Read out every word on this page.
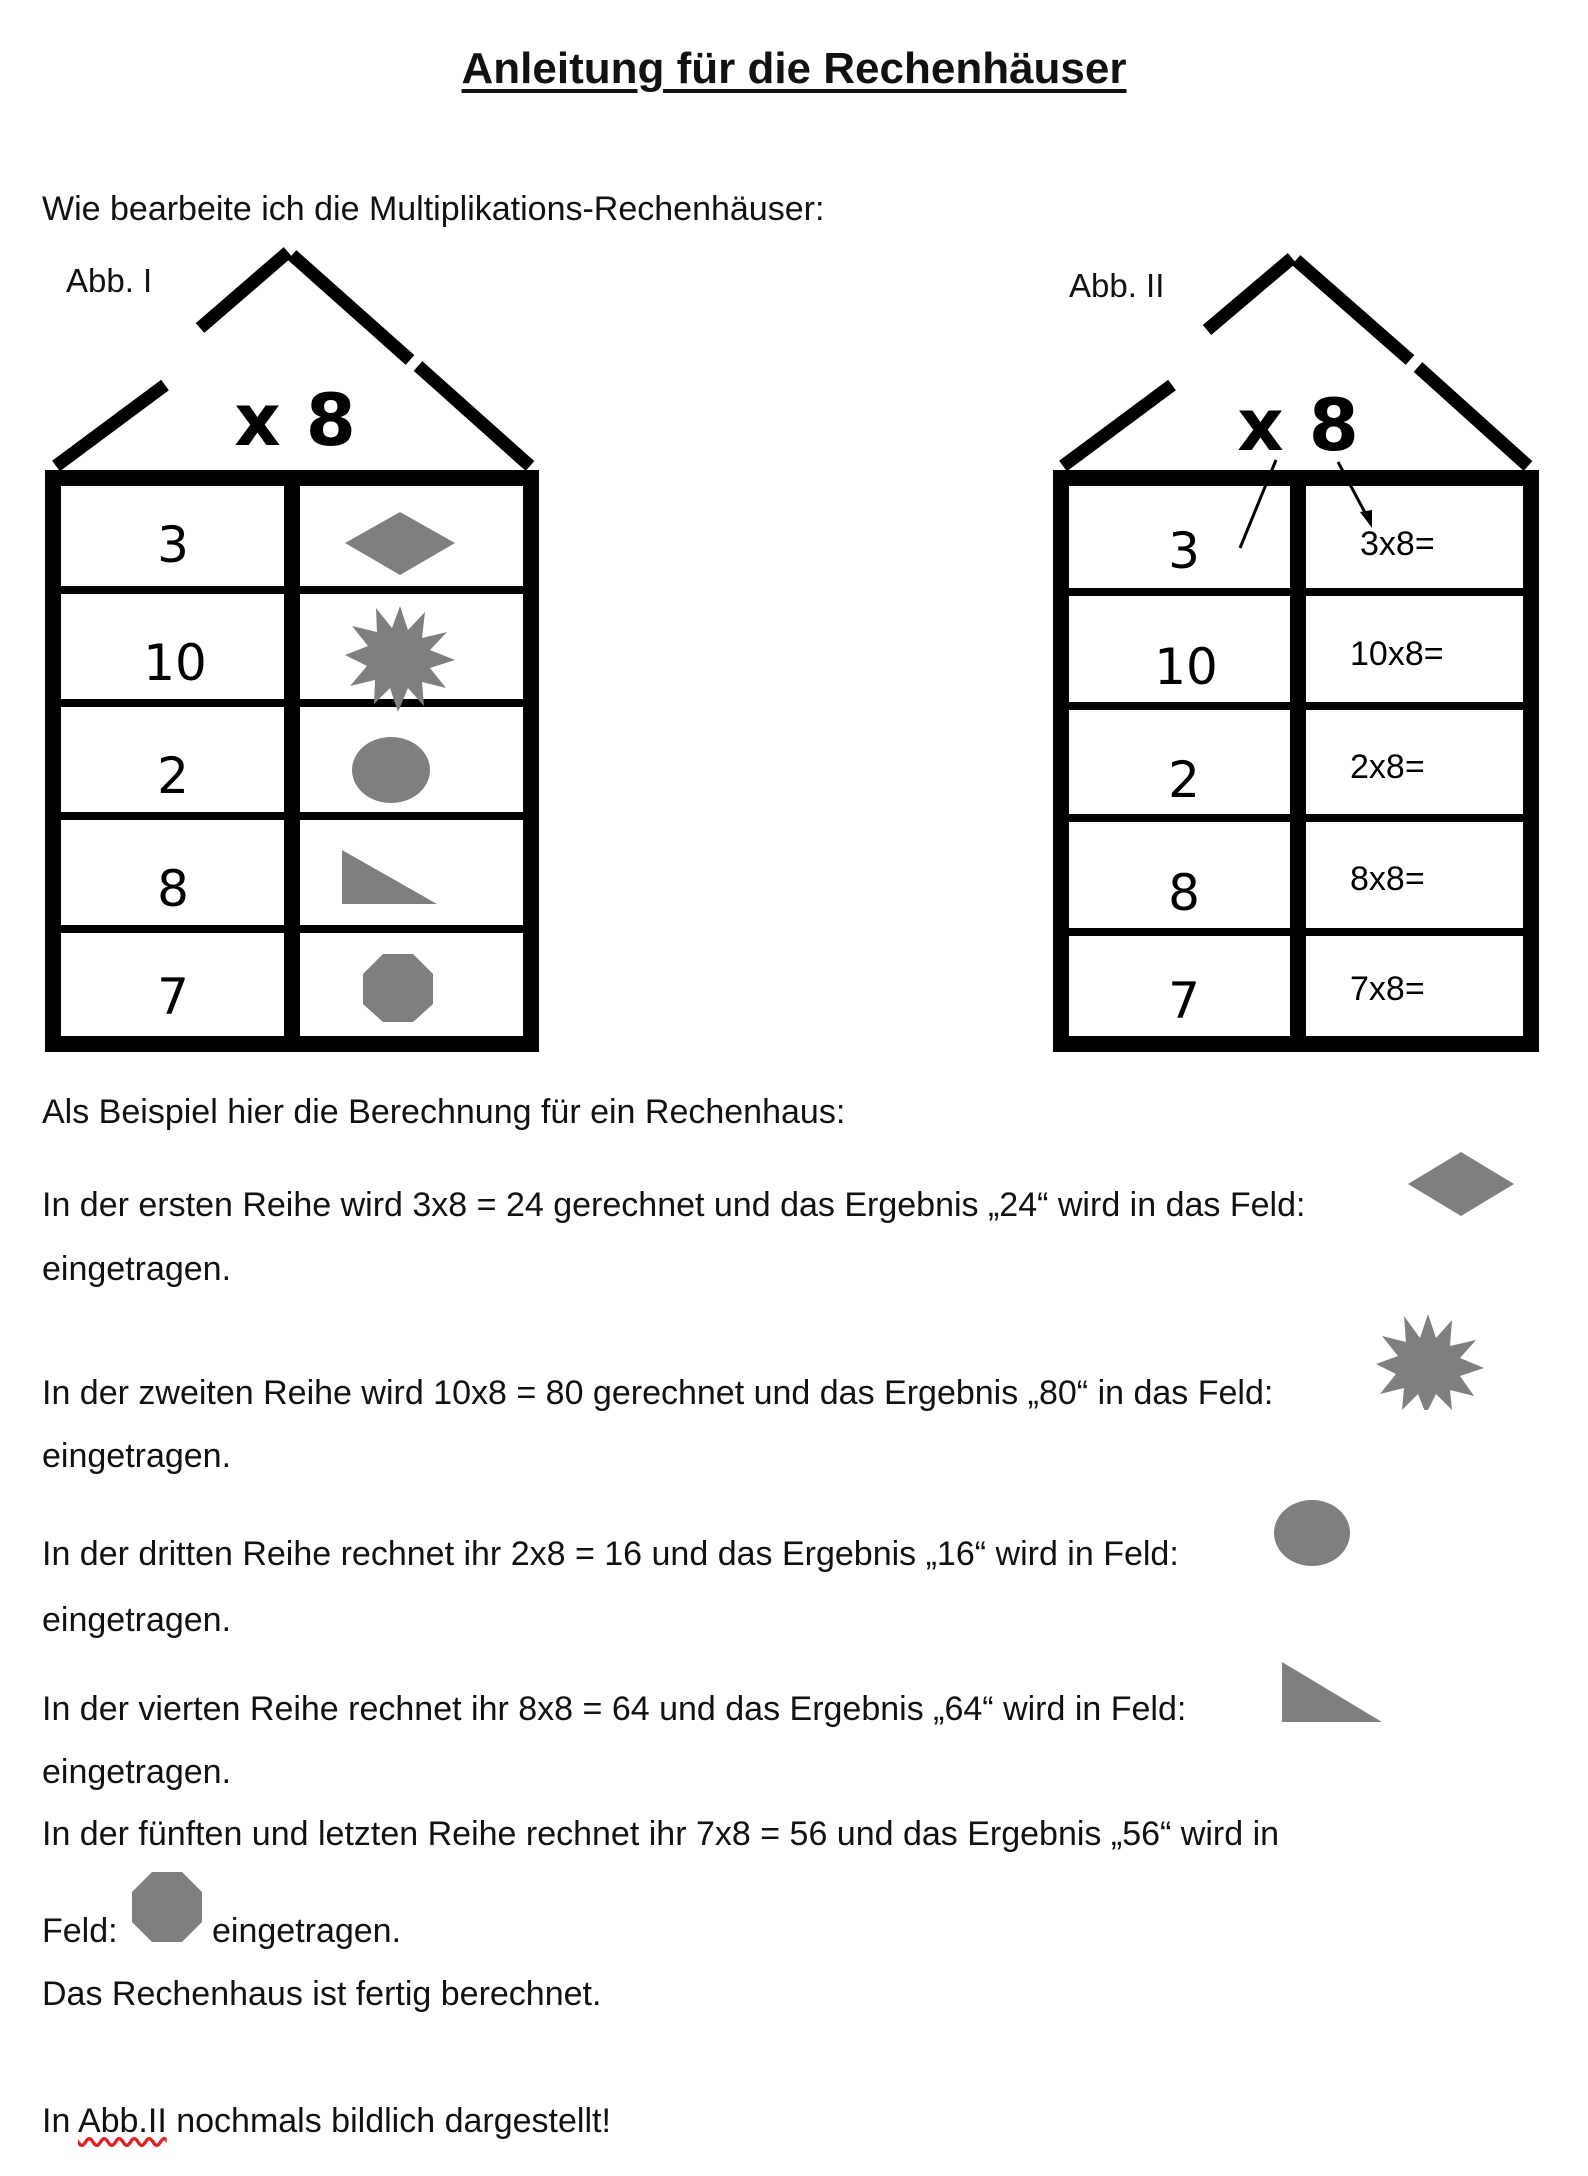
Anleitung für die Rechenhäuser
Wie bearbeite ich die Multiplikations-Rechenhäuser:
Abb. I
x 8
3
10
2
8
7
Abb. II
x 8
3
10
2
8
7
3x8=
10x8=
2x8=
8x8=
7x8=
Als Beispiel hier die Berechnung für ein Rechenhaus:
In der ersten Reihe wird 3x8 = 24 gerechnet und das Ergebnis „24“ wird in das Feld:
eingetragen.
In der zweiten Reihe wird 10x8 = 80 gerechnet und das Ergebnis „80“ in das Feld:
eingetragen.
In der dritten Reihe rechnet ihr 2x8 = 16 und das Ergebnis „16“ wird in Feld:
eingetragen.
In der vierten Reihe rechnet ihr 8x8 = 64 und das Ergebnis „64“ wird in Feld:
eingetragen.
In der fünften und letzten Reihe rechnet ihr 7x8 = 56 und das Ergebnis „56“ wird in
Feld:	eingetragen.
Das Rechenhaus ist fertig berechnet.
In Abb.II nochmals bildlich dargestellt!
